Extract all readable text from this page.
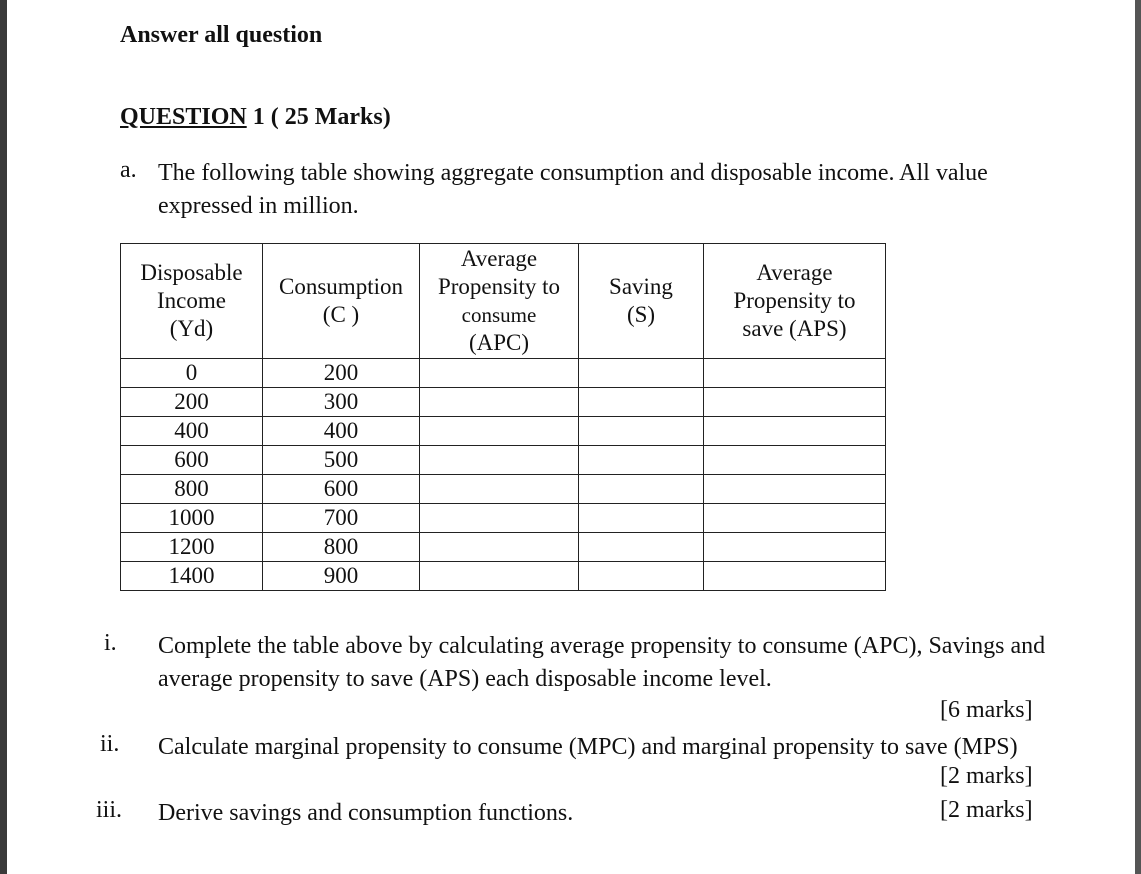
Answer all question
QUESTION 1 ( 25 Marks)
a. The following table showing aggregate consumption and disposable income. All value expressed in million.
Disposable
Income
(Yd)	Consumption
(C )	Average
Propensity to
consume
(APC)	Saving
(S)	Average
Propensity to
save (APS)
0	200			
200	300			
400	400			
600	500			
800	600			
1000	700			
1200	800			
1400	900			
i. Complete the table above by calculating average propensity to consume (APC), Savings and average propensity to save (APS) each disposable income level.
[6 marks]
ii. Calculate marginal propensity to consume (MPC) and marginal propensity to save (MPS)
[2 marks]
iii. Derive savings and consumption functions.	[2 marks]
